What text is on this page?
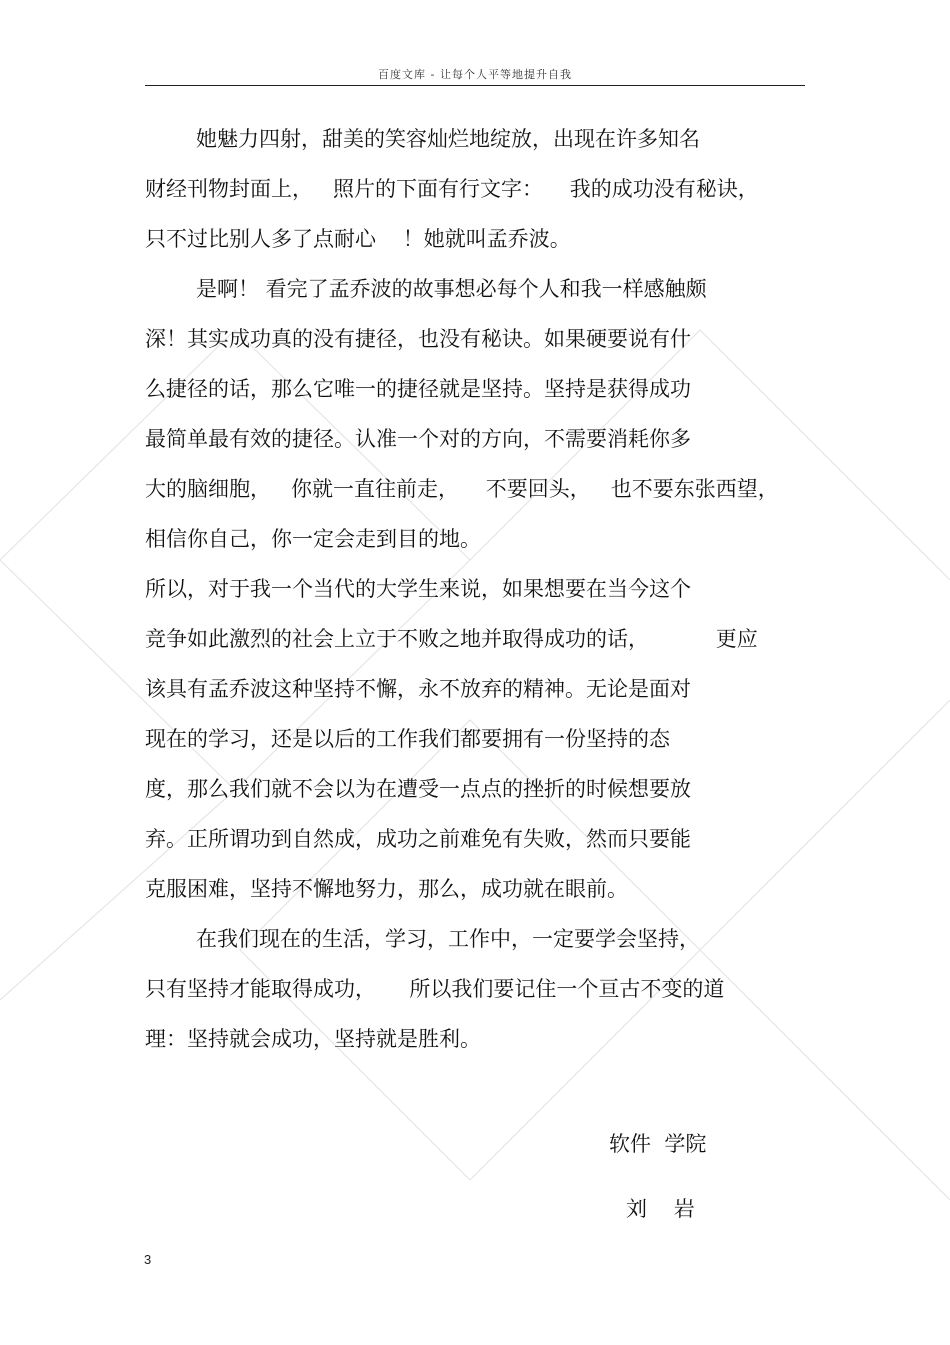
百度文库 - 让每个人平等地提升自我
她魅力四射，甜美的笑容灿烂地绽放，出现在许多知名
财经刊物封面上，   照片的下面有行文字：    我的成功没有秘诀，
只不过比别人多了点耐心    ！她就叫孟乔波。
是啊！ 看完了孟乔波的故事想必每个人和我一样感触颇
深！其实成功真的没有捷径，也没有秘诀。如果硬要说有什
么捷径的话，那么它唯一的捷径就是坚持。坚持是获得成功
最简单最有效的捷径。认准一个对的方向，不需要消耗你多
大的脑细胞，   你就一直往前走，    不要回头，   也不要东张西望，
相信你自己，你一定会走到目的地。
所以，对于我一个当代的大学生来说，如果想要在当今这个
竞争如此激烈的社会上立于不败之地并取得成功的话，          更应
该具有孟乔波这种坚持不懈，永不放弃的精神。无论是面对
现在的学习，还是以后的工作我们都要拥有一份坚持的态
度，那么我们就不会以为在遭受一点点的挫折的时候想要放
弃。正所谓功到自然成，成功之前难免有失败，然而只要能
克服困难，坚持不懈地努力，那么，成功就在眼前。
在我们现在的生活，学习，工作中，一定要学会坚持，
只有坚持才能取得成功，     所以我们要记住一个亘古不变的道
理：坚持就会成功，坚持就是胜利。
软件  学院
刘    岩
3
